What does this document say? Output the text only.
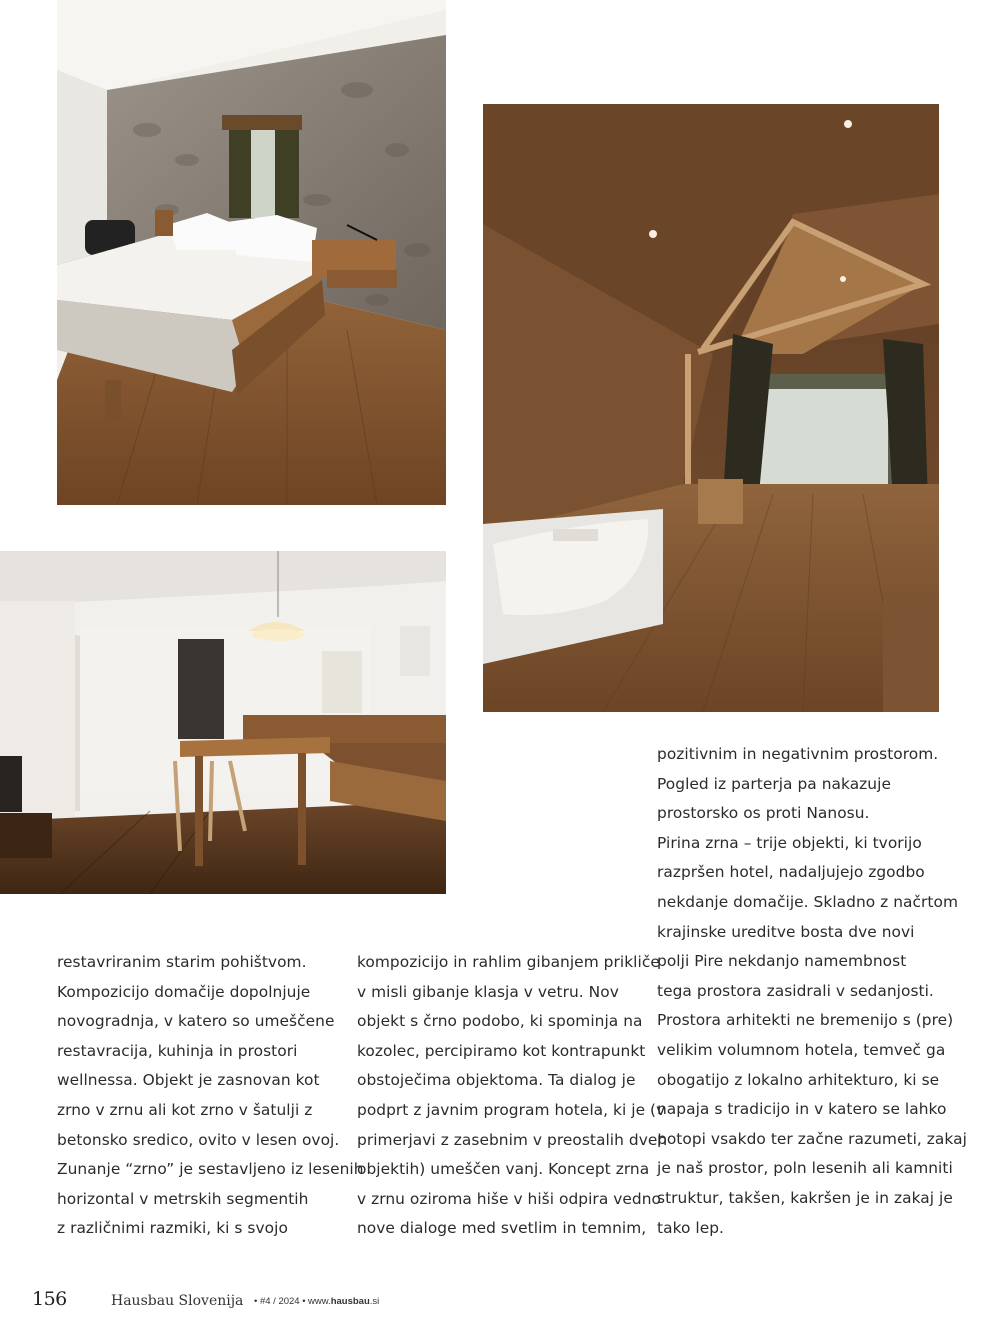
restavriranim starim pohištvom.
Kompozicijo domačije dopolnjuje
novogradnja, v katero so umeščene
restavracija, kuhinja in prostori
wellnessa. Objekt je zasnovan kot
zrno v zrnu ali kot zrno v šatulji z
betonsko sredico, ovito v lesen ovoj.
Zunanje “zrno” je sestavljeno iz lesenih
horizontal v metrskih segmentih
z različnimi razmiki, ki s svojo
kompozicijo in rahlim gibanjem prikliče
v misli gibanje klasja v vetru. Nov
objekt s črno podobo, ki spominja na
kozolec, percipiramo kot kontrapunkt
obstoječima objektoma. Ta dialog je
podprt z javnim program hotela, ki je (v
primerjavi z zasebnim v preostalih dveh
objektih) umeščen vanj. Koncept zrna
v zrnu oziroma hiše v hiši odpira vedno
nove dialoge med svetlim in temnim,
pozitivnim in negativnim prostorom.
Pogled iz parterja pa nakazuje
prostorsko os proti Nanosu.
Pirina zrna – trije objekti, ki tvorijo
razpršen hotel, nadaljujejo zgodbo
nekdanje domačije. Skladno z načrtom
krajinske ureditve bosta dve novi
polji Pire nekdanjo namembnost
tega prostora zasidrali v sedanjosti.
Prostora arhitekti ne bremenijo s (pre)
velikim volumnom hotela, temveč ga
obogatijo z lokalno arhitekturo, ki se
napaja s tradicijo in v katero se lahko
potopi vsakdo ter začne razumeti, zakaj
je naš prostor, poln lesenih ali kamniti
struktur, takšen, kakršen je in zakaj je
tako lep.
156	Hausbau Slovenija • #4 / 2024 • www.hausbau.si
